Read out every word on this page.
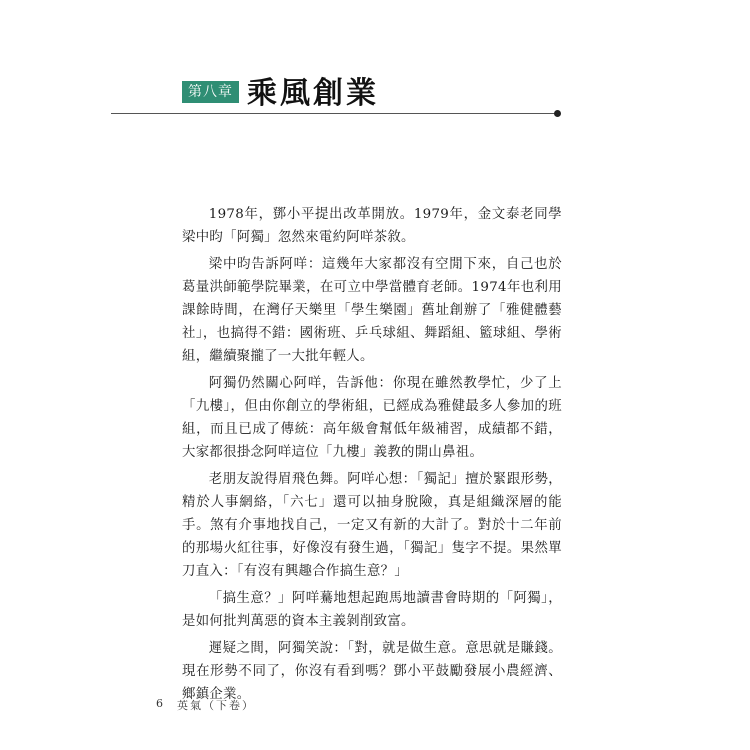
第八章 乘風創業

1978年，鄧小平提出改革開放。1979年，金文泰老同學梁中昀「阿獨」忽然來電約阿咩茶敘。

梁中昀告訴阿咩：這幾年大家都沒有空閒下來，自己也於葛量洪師範學院畢業，在可立中學當體育老師。1974年也利用課餘時間，在灣仔天樂里「學生樂園」舊址創辦了「雅健體藝社」，也搞得不錯：國術班、乒乓球組、舞蹈組、籃球組、學術組，繼續聚攏了一大批年輕人。

阿獨仍然關心阿咩，告訴他：你現在雖然教學忙，少了上「九樓」，但由你創立的學術組，已經成為雅健最多人參加的班組，而且已成了傳統：高年級會幫低年級補習，成績都不錯，大家都很掛念阿咩這位「九樓」義教的開山鼻祖。

老朋友說得眉飛色舞。阿咩心想：「獨記」擅於緊跟形勢，精於人事網絡，「六七」還可以抽身脫險，真是組織深層的能手。煞有介事地找自己，一定又有新的大計了。對於十二年前的那場火紅往事，好像沒有發生過，「獨記」隻字不提。果然單刀直入：「有沒有興趣合作搞生意？」

「搞生意？」阿咩驀地想起跑馬地讀書會時期的「阿獨」，是如何批判萬惡的資本主義剝削致富。

遲疑之間，阿獨笑說：「對，就是做生意。意思就是賺錢。現在形勢不同了，你沒有看到嗎？鄧小平鼓勵發展小農經濟、鄉鎮企業。

6 英氣（下卷）
